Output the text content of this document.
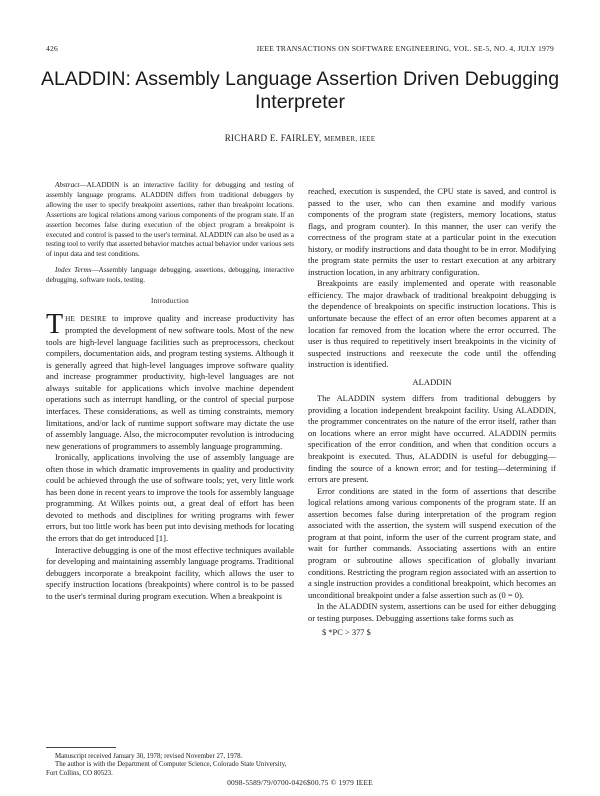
426	IEEE TRANSACTIONS ON SOFTWARE ENGINEERING, VOL. SE-5, NO. 4, JULY 1979
ALADDIN: Assembly Language Assertion Driven Debugging Interpreter
RICHARD E. FAIRLEY, MEMBER, IEEE

Abstract—ALADDIN is an interactive facility for debugging and testing of assembly language programs. ALADDIN differs from traditional debuggers by allowing the user to specify breakpoint assertions, rather than breakpoint locations. Assertions are logical relations among various components of the program state. If an assertion becomes false during execution of the object program a breakpoint is executed and control is passed to the user's terminal. ALADDIN can also be used as a testing tool to verify that asserted behavior matches actual behavior under various sets of input data and test conditions.

Index Terms—Assembly language debugging, assertions, debugging, interactive debugging, software tools, testing.

Introduction

THE DESIRE to improve quality and increase productivity has prompted the development of new software tools. Most of the new tools are high-level language facilities such as preprocessors, checkout compilers, documentation aids, and program testing systems. Although it is generally agreed that high-level languages improve software quality and increase programmer productivity, high-level languages are not always suitable for applications which involve machine dependent operations such as interrupt handling, or the control of special purpose interfaces. These considerations, as well as timing constraints, memory limitations, and/or lack of runtime support software may dictate the use of assembly language. Also, the microcomputer revolution is introducing new generations of programmers to assembly language programming.

Ironically, applications involving the use of assembly language are often those in which dramatic improvements in quality and productivity could be achieved through the use of software tools; yet, very little work has been done in recent years to improve the tools for assembly language programming. At Wilkes points out, a great deal of effort has been devoted to methods and disciplines for writing programs with fewer errors, but too little work has been put into devising methods for locating the errors that do get introduced [1].

Interactive debugging is one of the most effective techniques available for developing and maintaining assembly language programs. Traditional debuggers incorporate a breakpoint facility, which allows the user to specify instruction locations (breakpoints) where control is to be passed to the user's terminal during program execution. When a breakpoint is

reached, execution is suspended, the CPU state is saved, and control is passed to the user, who can then examine and modify various components of the program state (registers, memory locations, status flags, and program counter). In this manner, the user can verify the correctness of the program state at a particular point in the execution history, or modify instructions and data thought to be in error. Modifying the program state permits the user to restart execution at any arbitrary instruction location, in any arbitrary configuration.

Breakpoints are easily implemented and operate with reasonable efficiency. The major drawback of traditional breakpoint debugging is the dependence of breakpoints on specific instruction locations. This is unfortunate because the effect of an error often becomes apparent at a location far removed from the location where the error occurred. The user is thus required to repetitively insert breakpoints in the vicinity of suspected instructions and reexecute the code until the offending instruction is identified.

ALADDIN

The ALADDIN system differs from traditional debuggers by providing a location independent breakpoint facility. Using ALADDIN, the programmer concentrates on the nature of the error itself, rather than on locations where an error might have occurred. ALADDIN permits specification of the error condition, and when that condition occurs a breakpoint is executed. Thus, ALADDIN is useful for debugging—finding the source of a known error; and for testing—determining if errors are present.

Error conditions are stated in the form of assertions that describe logical relations among various components of the program state. If an assertion becomes false during interpretation of the program region associated with the assertion, the system will suspend execution of the program at that point, inform the user of the current program state, and wait for further commands. Associating assertions with an entire program or subroutine allows specification of globally invariant conditions. Restricting the program region associated with an assertion to a single instruction provides a conditional breakpoint, which becomes an unconditional breakpoint under a false assertion such as (0 = 0).

In the ALADDIN system, assertions can be used for either debugging or testing purposes. Debugging assertions take forms such as

$ *PC > 377 $

Manuscript received January 30, 1978; revised November 27, 1978.

The author is with the Department of Computer Science, Colorado State University, Fort Collins, CO 80523.

0098-5589/79/0700-0426$00.75 © 1979 IEEE
